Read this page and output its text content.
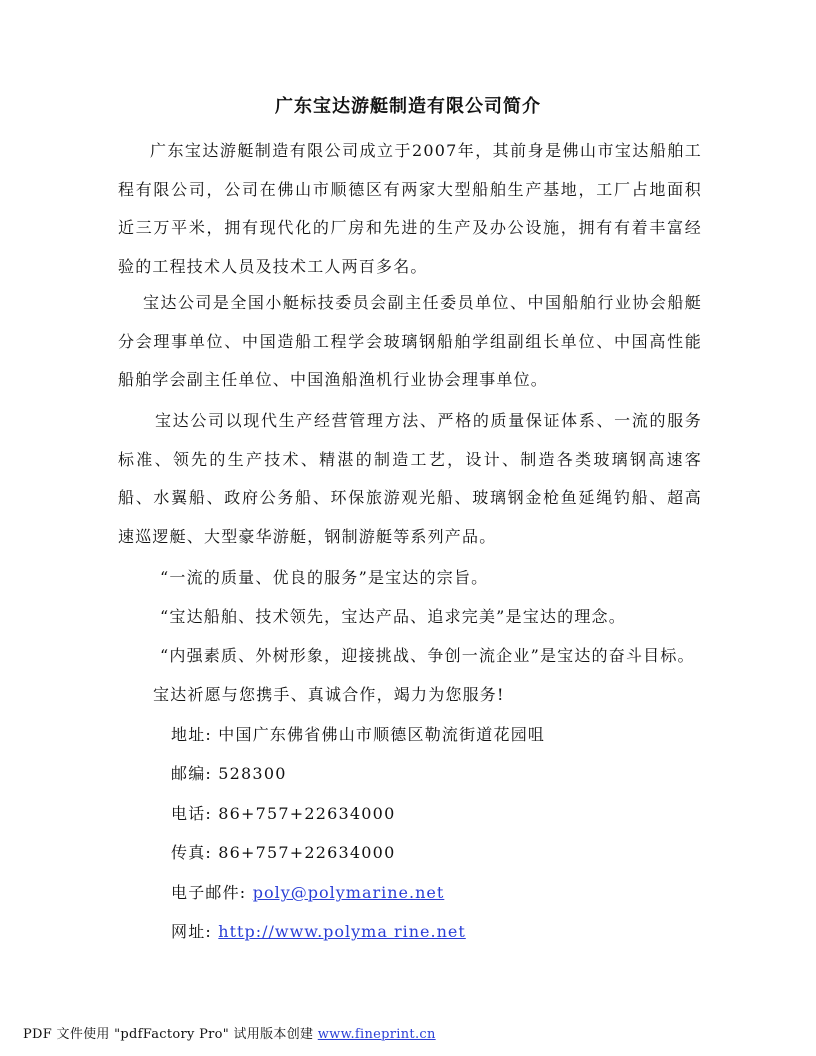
广东宝达游艇制造有限公司简介

广东宝达游艇制造有限公司成立于2007年，其前身是佛山市宝达船舶工程有限公司，公司在佛山市顺德区有两家大型船舶生产基地，工厂占地面积近三万平米，拥有现代化的厂房和先进的生产及办公设施，拥有有着丰富经验的工程技术人员及技术工人两百多名。

宝达公司是全国小艇标技委员会副主任委员单位、中国船舶行业协会船艇分会理事单位、中国造船工程学会玻璃钢船舶学组副组长单位、中国高性能船舶学会副主任单位、中国渔船渔机行业协会理事单位。

宝达公司以现代生产经营管理方法、严格的质量保证体系、一流的服务标准、领先的生产技术、精湛的制造工艺，设计、制造各类玻璃钢高速客船、水翼船、政府公务船、环保旅游观光船、玻璃钢金枪鱼延绳钓船、超高速巡逻艇、大型豪华游艇，钢制游艇等系列产品。

“一流的质量、优良的服务”是宝达的宗旨。
“宝达船舶、技术领先，宝达产品、追求完美”是宝达的理念。
“内强素质、外树形象，迎接挑战、争创一流企业”是宝达的奋斗目标。
宝达祈愿与您携手、真诚合作，竭力为您服务!
地址: 中国广东佛省佛山市顺德区勒流街道花园咀
邮编: 528300
电话: 86+757+22634000
传真: 86+757+22634000
电子邮件: poly@polymarine.net
网址: http://www.polyma rine.net
PDF 文件使用 "pdfFactory Pro" 试用版本创建 www.fineprint.cn
